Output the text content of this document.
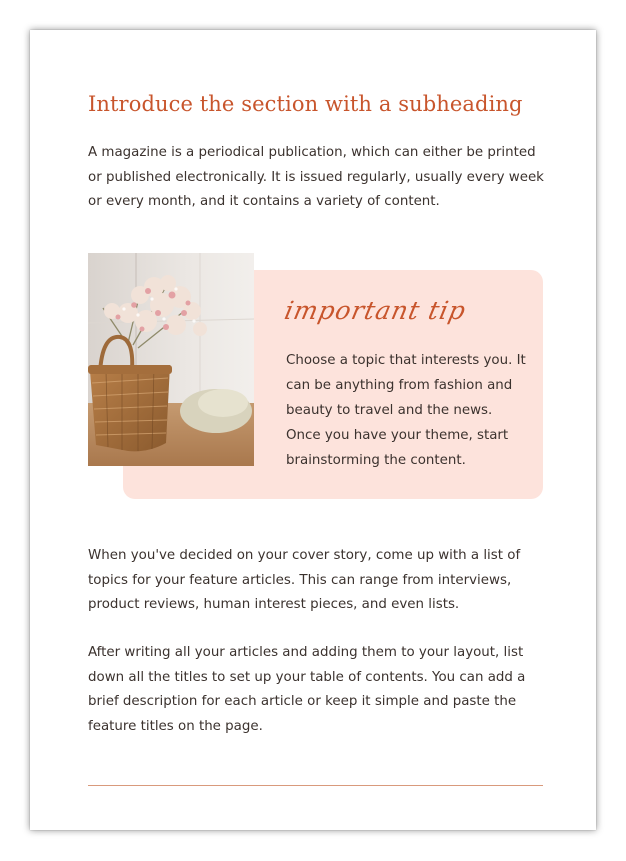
Introduce the section with a subheading

A magazine is a periodical publication, which can either be printed or published electronically. It is issued regularly, usually every week or every month, and it contains a variety of content.

important tip

Choose a topic that interests you. It can be anything from fashion and beauty to travel and the news. Once you have your theme, start brainstorming the content.

When you've decided on your cover story, come up with a list of topics for your feature articles. This can range from interviews, product reviews, human interest pieces, and even lists.

After writing all your articles and adding them to your layout, list down all the titles to set up your table of contents. You can add a brief description for each article or keep it simple and paste the feature titles on the page.
